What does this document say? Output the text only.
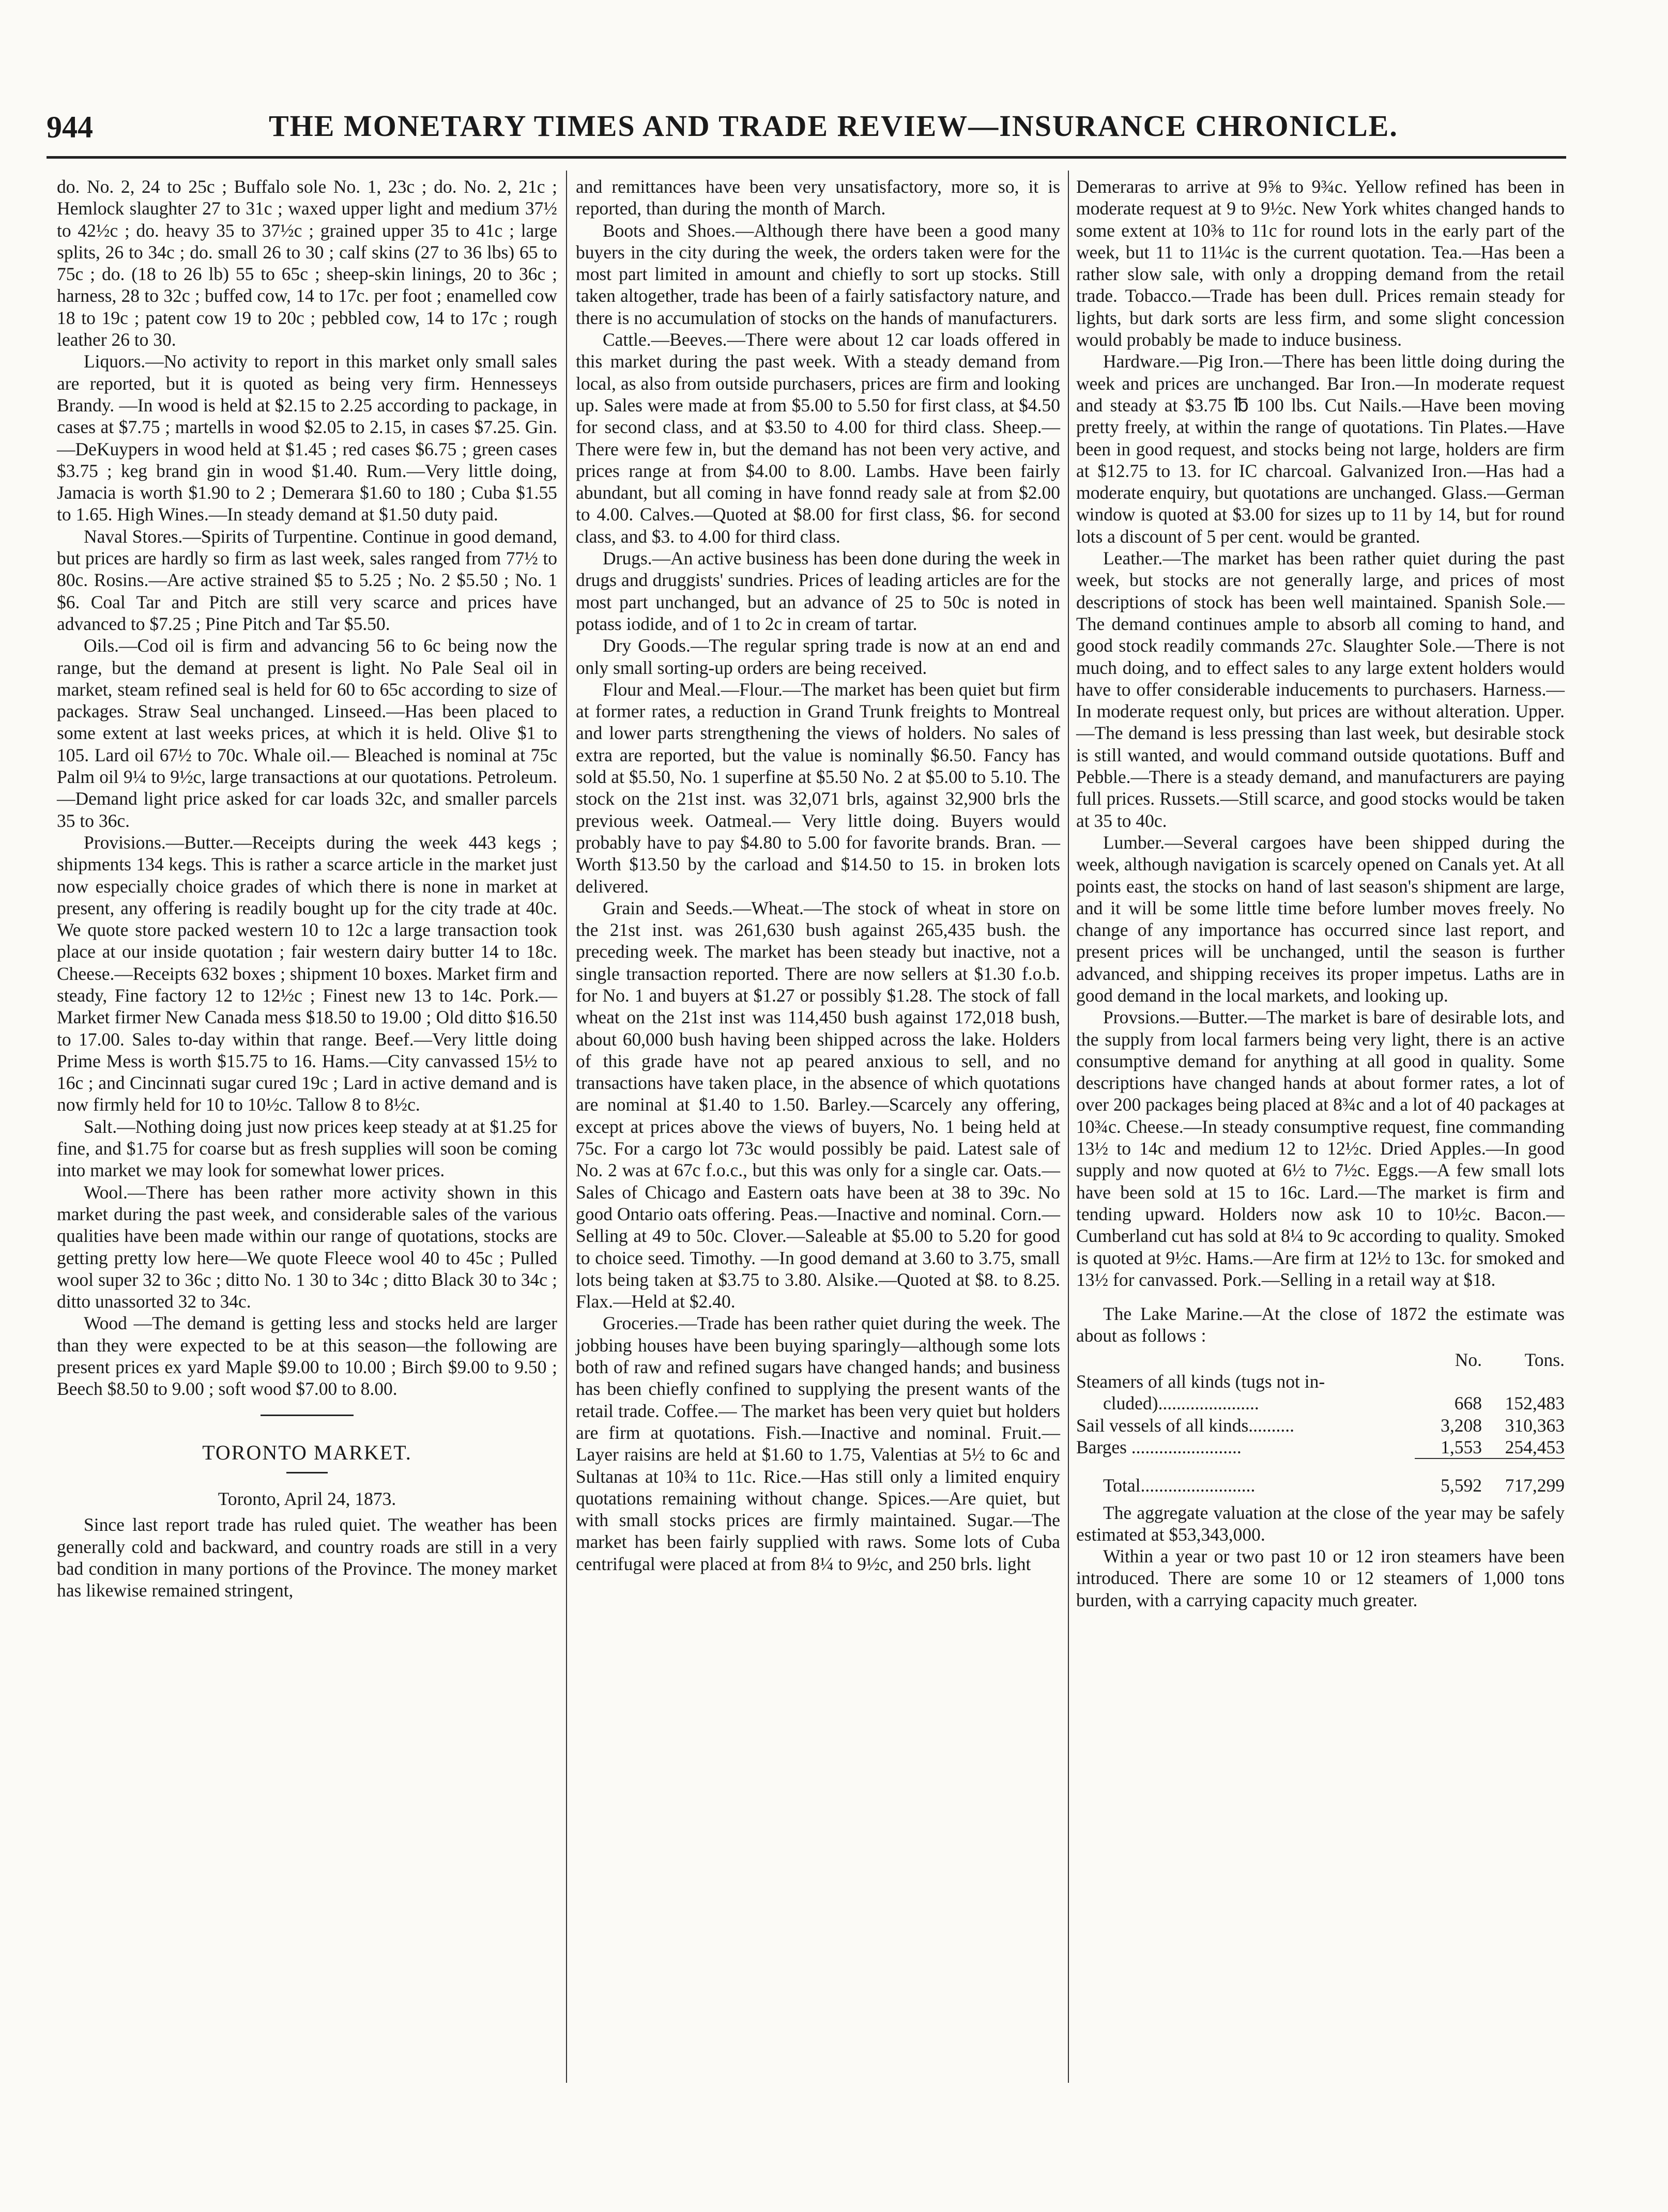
944	THE MONETARY TIMES AND TRADE REVIEW—INSURANCE CHRONICLE.

do. No. 2, 24 to 25c ; Buffalo sole No. 1, 23c ; do. No. 2, 21c ; Hemlock slaughter 27 to 31c ; waxed upper light and medium 37½ to 42½c ; do. heavy 35 to 37½c ; grained upper 35 to 41c ; large splits, 26 to 34c ; do. small 26 to 30 ; calf skins (27 to 36 lbs) 65 to 75c ; do. (18 to 26 lb) 55 to 65c ; sheep-skin linings, 20 to 36c ; harness, 28 to 32c ; buffed cow, 14 to 17c. per foot ; enamelled cow 18 to 19c ; patent cow 19 to 20c ; pebbled cow, 14 to 17c ; rough leather 26 to 30.

Liquors.—No activity to report in this market only small sales are reported, but it is quoted as being very firm. Hennesseys Brandy. —In wood is held at $2.15 to 2.25 according to package, in cases at $7.75 ; martells in wood $2.05 to 2.15, in cases $7.25. Gin.—DeKuypers in wood held at $1.45 ; red cases $6.75 ; green cases $3.75 ; keg brand gin in wood $1.40. Rum.—Very little doing, Jamacia is worth $1.90 to 2 ; Demerara $1.60 to 180 ; Cuba $1.55 to 1.65. High Wines.—In steady demand at $1.50 duty paid.

Naval Stores.—Spirits of Turpentine. Continue in good demand, but prices are hardly so firm as last week, sales ranged from 77½ to 80c. Rosins.—Are active strained $5 to 5.25 ; No. 2 $5.50 ; No. 1 $6. Coal Tar and Pitch are still very scarce and prices have advanced to $7.25 ; Pine Pitch and Tar $5.50.

Oils.—Cod oil is firm and advancing 56 to 6c being now the range, but the demand at present is light. No Pale Seal oil in market, steam refined seal is held for 60 to 65c according to size of packages. Straw Seal unchanged. Linseed.—Has been placed to some extent at last weeks prices, at which it is held. Olive $1 to 105. Lard oil 67½ to 70c. Whale oil.— Bleached is nominal at 75c Palm oil 9¼ to 9½c, large transactions at our quotations. Petroleum.—Demand light price asked for car loads 32c, and smaller parcels 35 to 36c.

Provisions.—Butter.—Receipts during the week 443 kegs ; shipments 134 kegs. This is rather a scarce article in the market just now especially choice grades of which there is none in market at present, any offering is readily bought up for the city trade at 40c. We quote store packed western 10 to 12c a large transaction took place at our inside quotation ; fair western dairy butter 14 to 18c. Cheese.—Receipts 632 boxes ; shipment 10 boxes. Market firm and steady, Fine factory 12 to 12½c ; Finest new 13 to 14c. Pork.—Market firmer New Canada mess $18.50 to 19.00 ; Old ditto $16.50 to 17.00. Sales to-day within that range. Beef.—Very little doing Prime Mess is worth $15.75 to 16. Hams.—City canvassed 15½ to 16c ; and Cincinnati sugar cured 19c ; Lard in active demand and is now firmly held for 10 to 10½c. Tallow 8 to 8½c.

Salt.—Nothing doing just now prices keep steady at at $1.25 for fine, and $1.75 for coarse but as fresh supplies will soon be coming into market we may look for somewhat lower prices.

Wool.—There has been rather more activity shown in this market during the past week, and considerable sales of the various qualities have been made within our range of quotations, stocks are getting pretty low here—We quote Fleece wool 40 to 45c ; Pulled wool super 32 to 36c ; ditto No. 1 30 to 34c ; ditto Black 30 to 34c ; ditto unassorted 32 to 34c.

Wood —The demand is getting less and stocks held are larger than they were expected to be at this season—the following are present prices ex yard Maple $9.00 to 10.00 ; Birch $9.00 to 9.50 ; Beech $8.50 to 9.00 ; soft wood $7.00 to 8.00.

TORONTO MARKET.
Toronto, April 24, 1873.

Since last report trade has ruled quiet. The weather has been generally cold and backward, and country roads are still in a very bad condition in many portions of the Province. The money market has likewise remained stringent,

and remittances have been very unsatisfactory, more so, it is reported, than during the month of March.

Boots and Shoes.—Although there have been a good many buyers in the city during the week, the orders taken were for the most part limited in amount and chiefly to sort up stocks. Still taken altogether, trade has been of a fairly satisfactory nature, and there is no accumulation of stocks on the hands of manufacturers.

Cattle.—Beeves.—There were about 12 car loads offered in this market during the past week. With a steady demand from local, as also from outside purchasers, prices are firm and looking up. Sales were made at from $5.00 to 5.50 for first class, at $4.50 for second class, and at $3.50 to 4.00 for third class. Sheep.—There were few in, but the demand has not been very active, and prices range at from $4.00 to 8.00. Lambs. Have been fairly abundant, but all coming in have fonnd ready sale at from $2.00 to 4.00. Calves.—Quoted at $8.00 for first class, $6. for second class, and $3. to 4.00 for third class.

Drugs.—An active business has been done during the week in drugs and druggists' sundries. Prices of leading articles are for the most part unchanged, but an advance of 25 to 50c is noted in potass iodide, and of 1 to 2c in cream of tartar.

Dry Goods.—The regular spring trade is now at an end and only small sorting-up orders are being received.

Flour and Meal.—Flour.—The market has been quiet but firm at former rates, a reduction in Grand Trunk freights to Montreal and lower parts strengthening the views of holders. No sales of extra are reported, but the value is nominally $6.50. Fancy has sold at $5.50, No. 1 superfine at $5.50 No. 2 at $5.00 to 5.10. The stock on the 21st inst. was 32,071 brls, against 32,900 brls the previous week. Oatmeal.— Very little doing. Buyers would probably have to pay $4.80 to 5.00 for favorite brands. Bran. —Worth $13.50 by the carload and $14.50 to 15. in broken lots delivered.

Grain and Seeds.—Wheat.—The stock of wheat in store on the 21st inst. was 261,630 bush against 265,435 bush. the preceding week. The market has been steady but inactive, not a single transaction reported. There are now sellers at $1.30 f.o.b. for No. 1 and buyers at $1.27 or possibly $1.28. The stock of fall wheat on the 21st inst was 114,450 bush against 172,018 bush, about 60,000 bush having been shipped across the lake. Holders of this grade have not ap peared anxious to sell, and no transactions have taken place, in the absence of which quotations are nominal at $1.40 to 1.50. Barley.—Scarcely any offering, except at prices above the views of buyers, No. 1 being held at 75c. For a cargo lot 73c would possibly be paid. Latest sale of No. 2 was at 67c f.o.c., but this was only for a single car. Oats.—Sales of Chicago and Eastern oats have been at 38 to 39c. No good Ontario oats offering. Peas.—Inactive and nominal. Corn.—Selling at 49 to 50c. Clover.—Saleable at $5.00 to 5.20 for good to choice seed. Timothy. —In good demand at 3.60 to 3.75, small lots being taken at $3.75 to 3.80. Alsike.—Quoted at $8. to 8.25. Flax.—Held at $2.40.

Groceries.—Trade has been rather quiet during the week. The jobbing houses have been buying sparingly—although some lots both of raw and refined sugars have changed hands; and business has been chiefly confined to supplying the present wants of the retail trade. Coffee.— The market has been very quiet but holders are firm at quotations. Fish.—Inactive and nominal. Fruit.—Layer raisins are held at $1.60 to 1.75, Valentias at 5½ to 6c and Sultanas at 10¾ to 11c. Rice.—Has still only a limited enquiry quotations remaining without change. Spices.—Are quiet, but with small stocks prices are firmly maintained. Sugar.—The market has been fairly supplied with raws. Some lots of Cuba centrifugal were placed at from 8¼ to 9½c, and 250 brls. light

Demeraras to arrive at 9⅝ to 9¾c. Yellow refined has been in moderate request at 9 to 9½c. New York whites changed hands to some extent at 10⅜ to 11c for round lots in the early part of the week, but 11 to 11¼c is the current quotation. Tea.—Has been a rather slow sale, with only a dropping demand from the retail trade. Tobacco.—Trade has been dull. Prices remain steady for lights, but dark sorts are less firm, and some slight concession would probably be made to induce business.

Hardware.—Pig Iron.—There has been little doing during the week and prices are unchanged. Bar Iron.—In moderate request and steady at $3.75 ℔ 100 lbs. Cut Nails.—Have been moving pretty freely, at within the range of quotations. Tin Plates.—Have been in good request, and stocks being not large, holders are firm at $12.75 to 13. for IC charcoal. Galvanized Iron.—Has had a moderate enquiry, but quotations are unchanged. Glass.—German window is quoted at $3.00 for sizes up to 11 by 14, but for round lots a discount of 5 per cent. would be granted.

Leather.—The market has been rather quiet during the past week, but stocks are not generally large, and prices of most descriptions of stock has been well maintained. Spanish Sole.—The demand continues ample to absorb all coming to hand, and good stock readily commands 27c. Slaughter Sole.—There is not much doing, and to effect sales to any large extent holders would have to offer considerable inducements to purchasers. Harness.—In moderate request only, but prices are without alteration. Upper.—The demand is less pressing than last week, but desirable stock is still wanted, and would command outside quotations. Buff and Pebble.—There is a steady demand, and manufacturers are paying full prices. Russets.—Still scarce, and good stocks would be taken at 35 to 40c.

Lumber.—Several cargoes have been shipped during the week, although navigation is scarcely opened on Canals yet. At all points east, the stocks on hand of last season's shipment are large, and it will be some little time before lumber moves freely. No change of any importance has occurred since last report, and present prices will be unchanged, until the season is further advanced, and shipping receives its proper impetus. Laths are in good demand in the local markets, and looking up.

Provsions.—Butter.—The market is bare of desirable lots, and the supply from local farmers being very light, there is an active consumptive demand for anything at all good in quality. Some descriptions have changed hands at about former rates, a lot of over 200 packages being placed at 8¾c and a lot of 40 packages at 10¾c. Cheese.—In steady consumptive request, fine commanding 13½ to 14c and medium 12 to 12½c. Dried Apples.—In good supply and now quoted at 6½ to 7½c. Eggs.—A few small lots have been sold at 15 to 16c. Lard.—The market is firm and tending upward. Holders now ask 10 to 10½c. Bacon.—Cumberland cut has sold at 8¼ to 9c according to quality. Smoked is quoted at 9½c. Hams.—Are firm at 12½ to 13c. for smoked and 13½ for canvassed. Pork.—Selling in a retail way at $18.

The Lake Marine.—At the close of 1872 the estimate was about as follows :

	No.	Tons.
Steamers of all kinds (tugs not in-		
cluded)......................	668	152,483
Sail vessels of all kinds..........	3,208	310,363
Barges ........................	1,553	254,453

Total.........................	5,592	717,299

The aggregate valuation at the close of the year may be safely estimated at $53,343,000.

Within a year or two past 10 or 12 iron steamers have been introduced. There are some 10 or 12 steamers of 1,000 tons burden, with a carrying capacity much greater.
